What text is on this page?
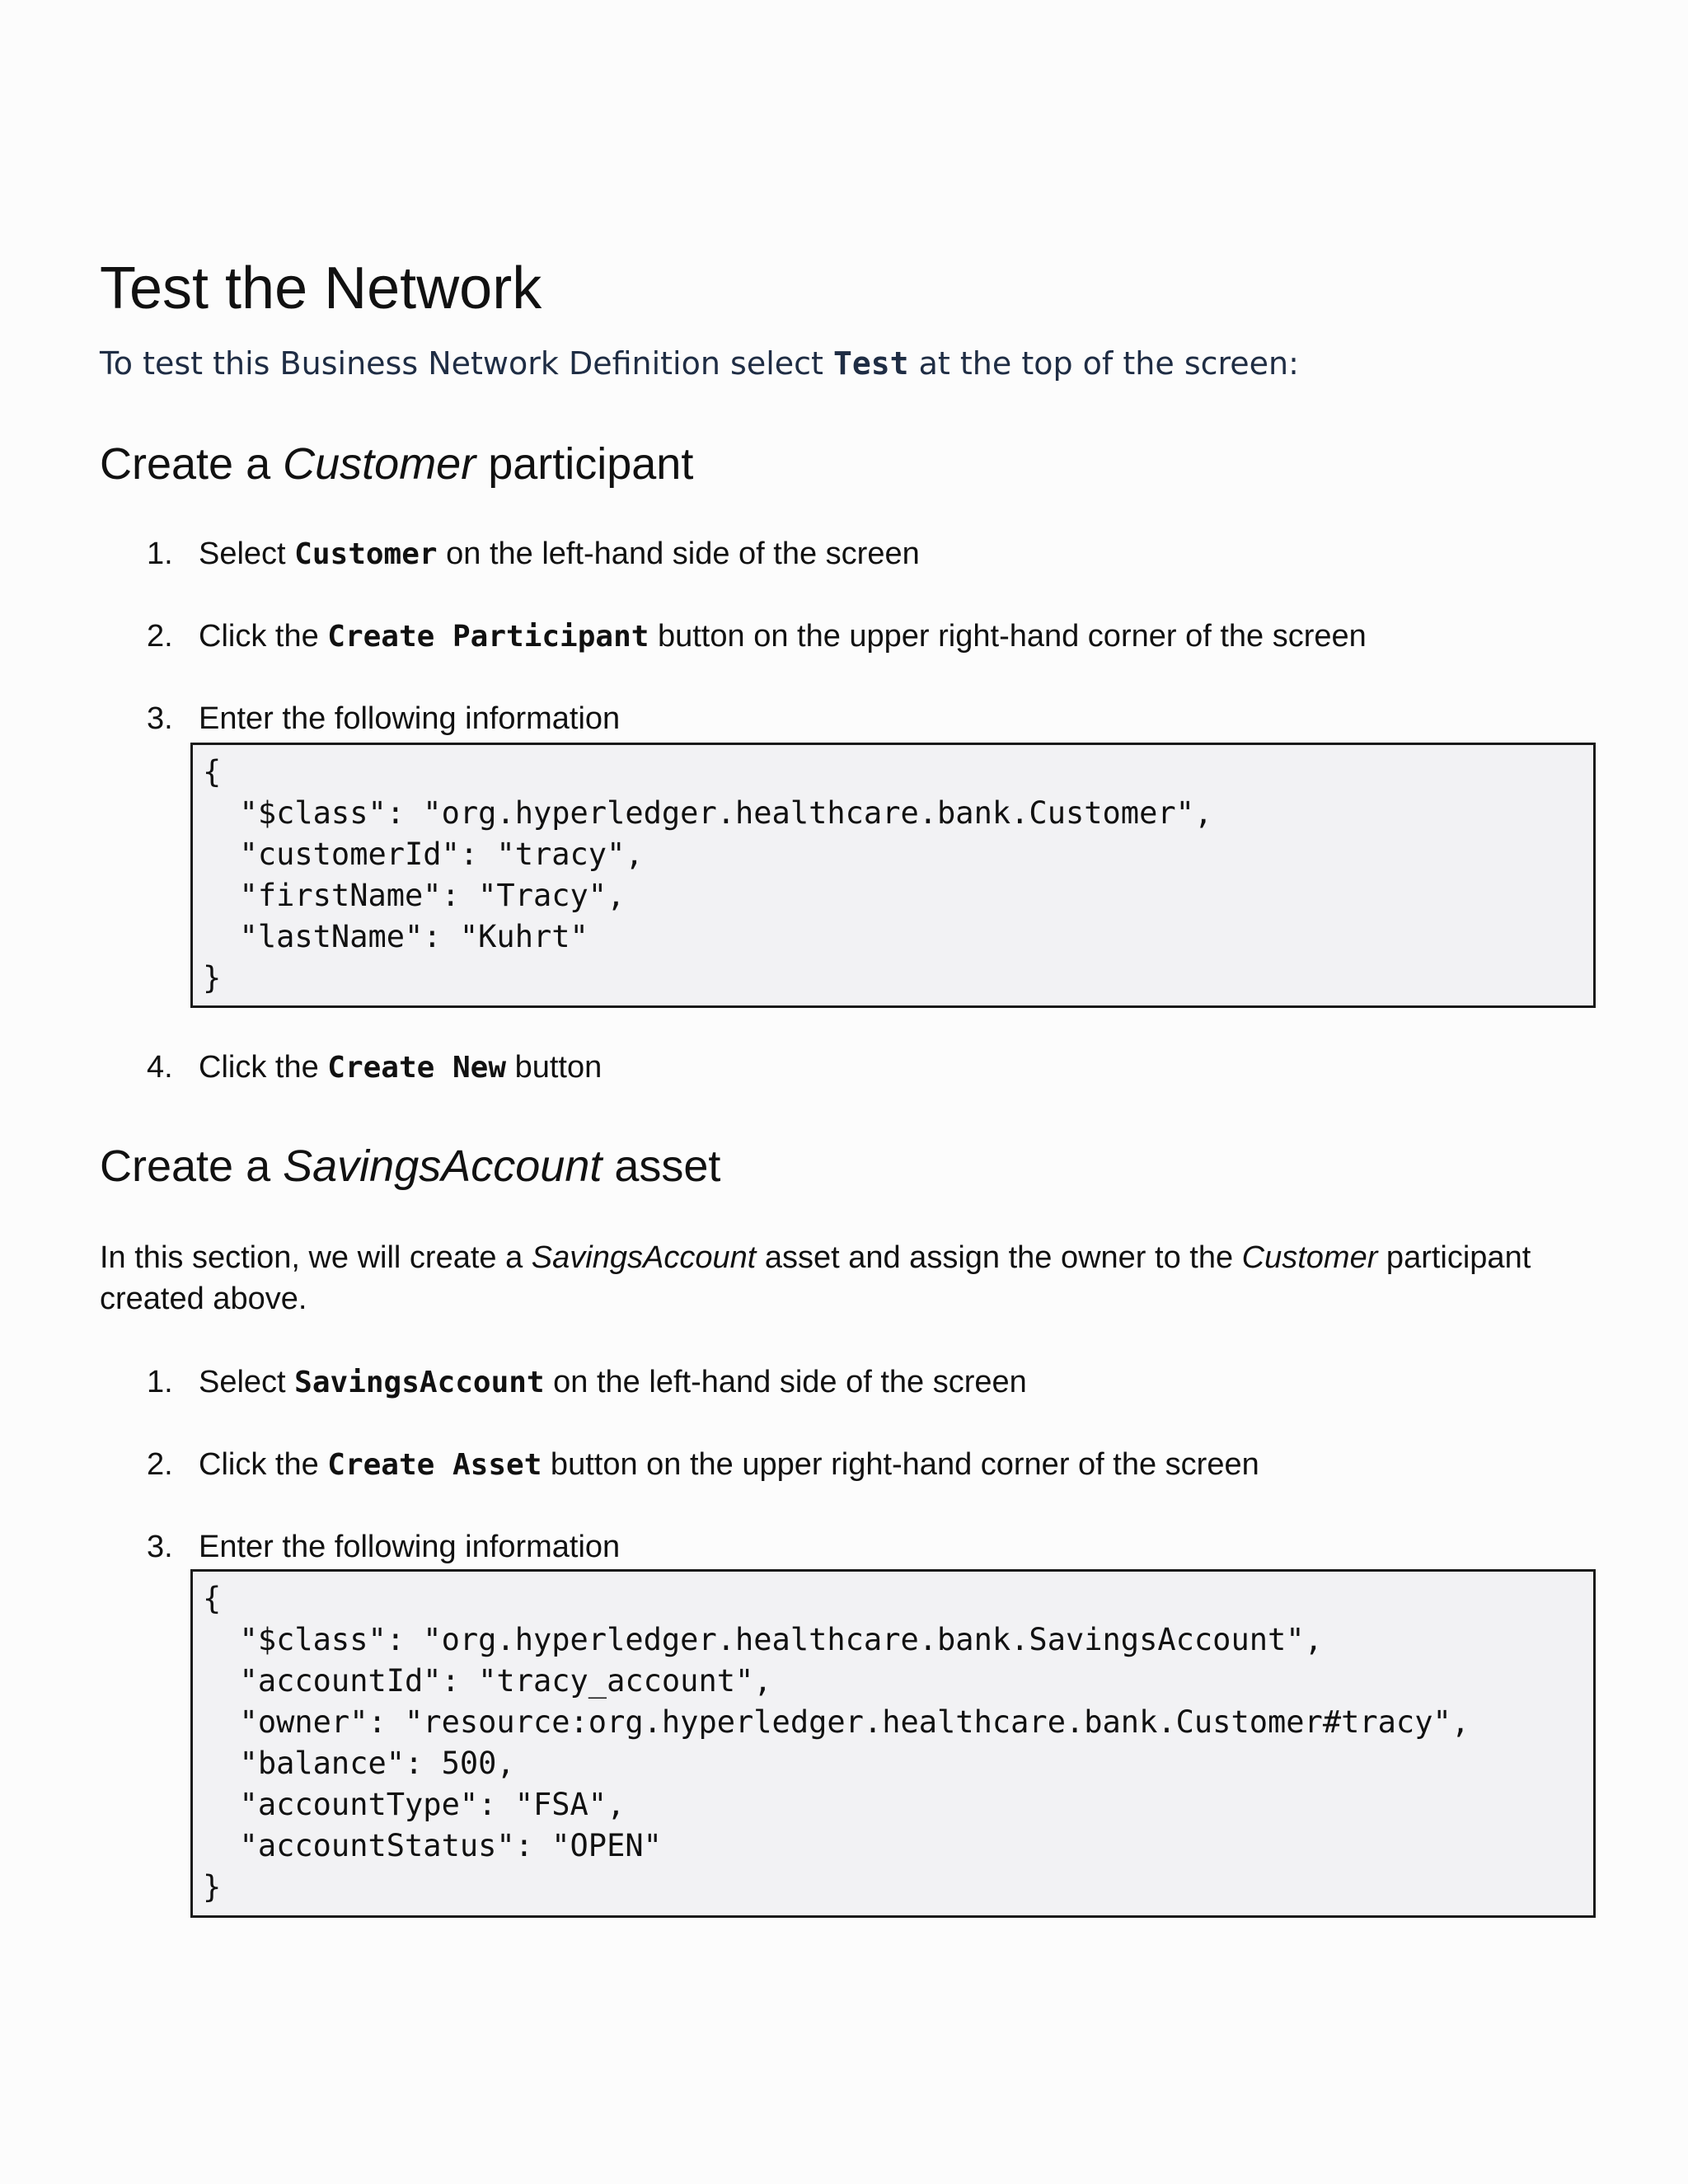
Test the Network
To test this Business Network Definition select Test at the top of the screen:
Create a Customer participant
1. Select Customer on the left-hand side of the screen
2. Click the Create Participant button on the upper right-hand corner of the screen
3. Enter the following information
{
"$class": "org.hyperledger.healthcare.bank.Customer",
"customerId": "tracy",
"firstName": "Tracy",
"lastName": "Kuhrt"
}
4. Click the Create New button
Create a SavingsAccount asset
In this section, we will create a SavingsAccount asset and assign the owner to the Customer participant created above.
1. Select SavingsAccount on the left-hand side of the screen
2. Click the Create Asset button on the upper right-hand corner of the screen
3. Enter the following information
{
"$class": "org.hyperledger.healthcare.bank.SavingsAccount",
"accountId": "tracy_account",
"owner": "resource:org.hyperledger.healthcare.bank.Customer#tracy",
"balance": 500,
"accountType": "FSA",
"accountStatus": "OPEN"
}
